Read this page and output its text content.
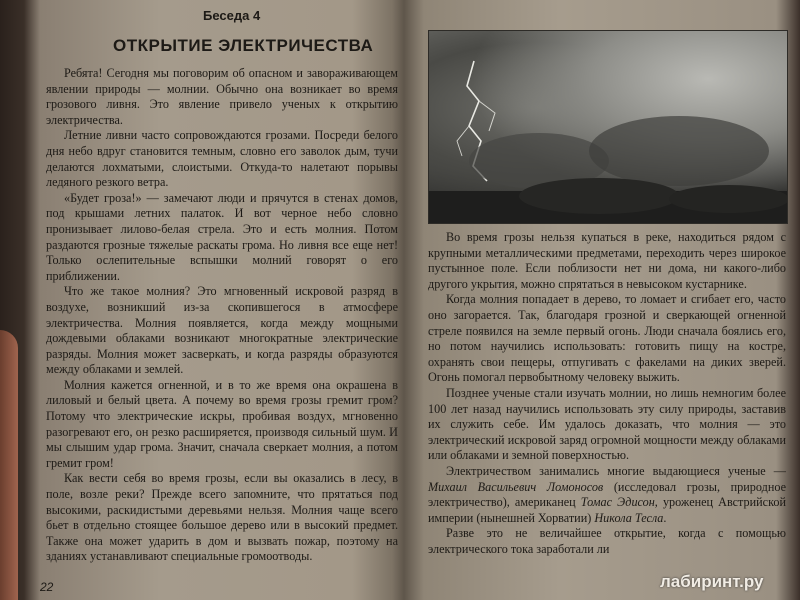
Беседа 4
ОТКРЫТИЕ ЭЛЕКТРИЧЕСТВА

Ребята! Сегодня мы поговорим об опасном и завораживающем явлении природы — молнии. Обычно она возникает во время грозового ливня. Это явление привело ученых к открытию электричества.

Летние ливни часто сопровождаются грозами. Посреди белого дня небо вдруг становится темным, словно его заволок дым, тучи делаются лохматыми, слоистыми. Откуда-то налетают порывы ледяного резкого ветра.

«Будет гроза!» — замечают люди и прячутся в стенах домов, под крышами летних палаток. И вот черное небо словно пронизывает лилово-белая стрела. Это и есть молния. Потом раздаются грозные тяжелые раскаты грома. Но ливня все еще нет! Только ослепительные вспышки молний говорят о его приближении.

Что же такое молния? Это мгновенный искровой разряд в воздухе, возникший из-за скопившегося в атмосфере электричества. Молния появляется, когда между мощными дождевыми облаками возникают многократные электрические разряды. Молния может засверкать, и когда разряды образуются между облаками и землей.

Молния кажется огненной, и в то же время она окрашена в лиловый и белый цвета. А почему во время грозы гремит гром? Потому что электрические искры, пробивая воздух, мгновенно разогревают его, он резко расширяется, производя сильный шум. И мы слышим удар грома. Значит, сначала сверкает молния, а потом гремит гром!

Как вести себя во время грозы, если вы оказались в лесу, в поле, возле реки? Прежде всего запомните, что прятаться под высокими, раскидистыми деревьями нельзя. Молния чаще всего бьет в отдельно стоящее большое дерево или в высокий предмет. Также она может ударить в дом и вызвать пожар, поэтому на зданиях устанавливают специальные громоотводы.

22

Во время грозы нельзя купаться в реке, находиться рядом с крупными металлическими предметами, переходить через широкое пустынное поле. Если поблизости нет ни дома, ни какого-либо другого укрытия, можно спрятаться в невысоком кустарнике.

Когда молния попадает в дерево, то ломает и сгибает его, часто оно загорается. Так, благодаря грозной и сверкающей огненной стреле появился на земле первый огонь. Люди сначала боялись его, но потом научились использовать: готовить пищу на костре, охранять свои пещеры, отпугивать с факелами на диких зверей. Огонь помогал первобытному человеку выжить.

Позднее ученые стали изучать молнии, но лишь немногим более 100 лет назад научились использовать эту силу природы, заставив их служить себе. Им удалось доказать, что молния — это электрический искровой заряд огромной мощности между облаками или облаками и земной поверхностью.

Электричеством занимались многие выдающиеся ученые — Михаил Васильевич Ломоносов (исследовал грозы, природное электричество), американец Томас Эдисон, уроженец Австрийской империи (нынешней Хорватии) Никола Тесла.

Разве это не величайшее открытие, когда с помощью электрического тока заработали ли

лабиринт.ру
